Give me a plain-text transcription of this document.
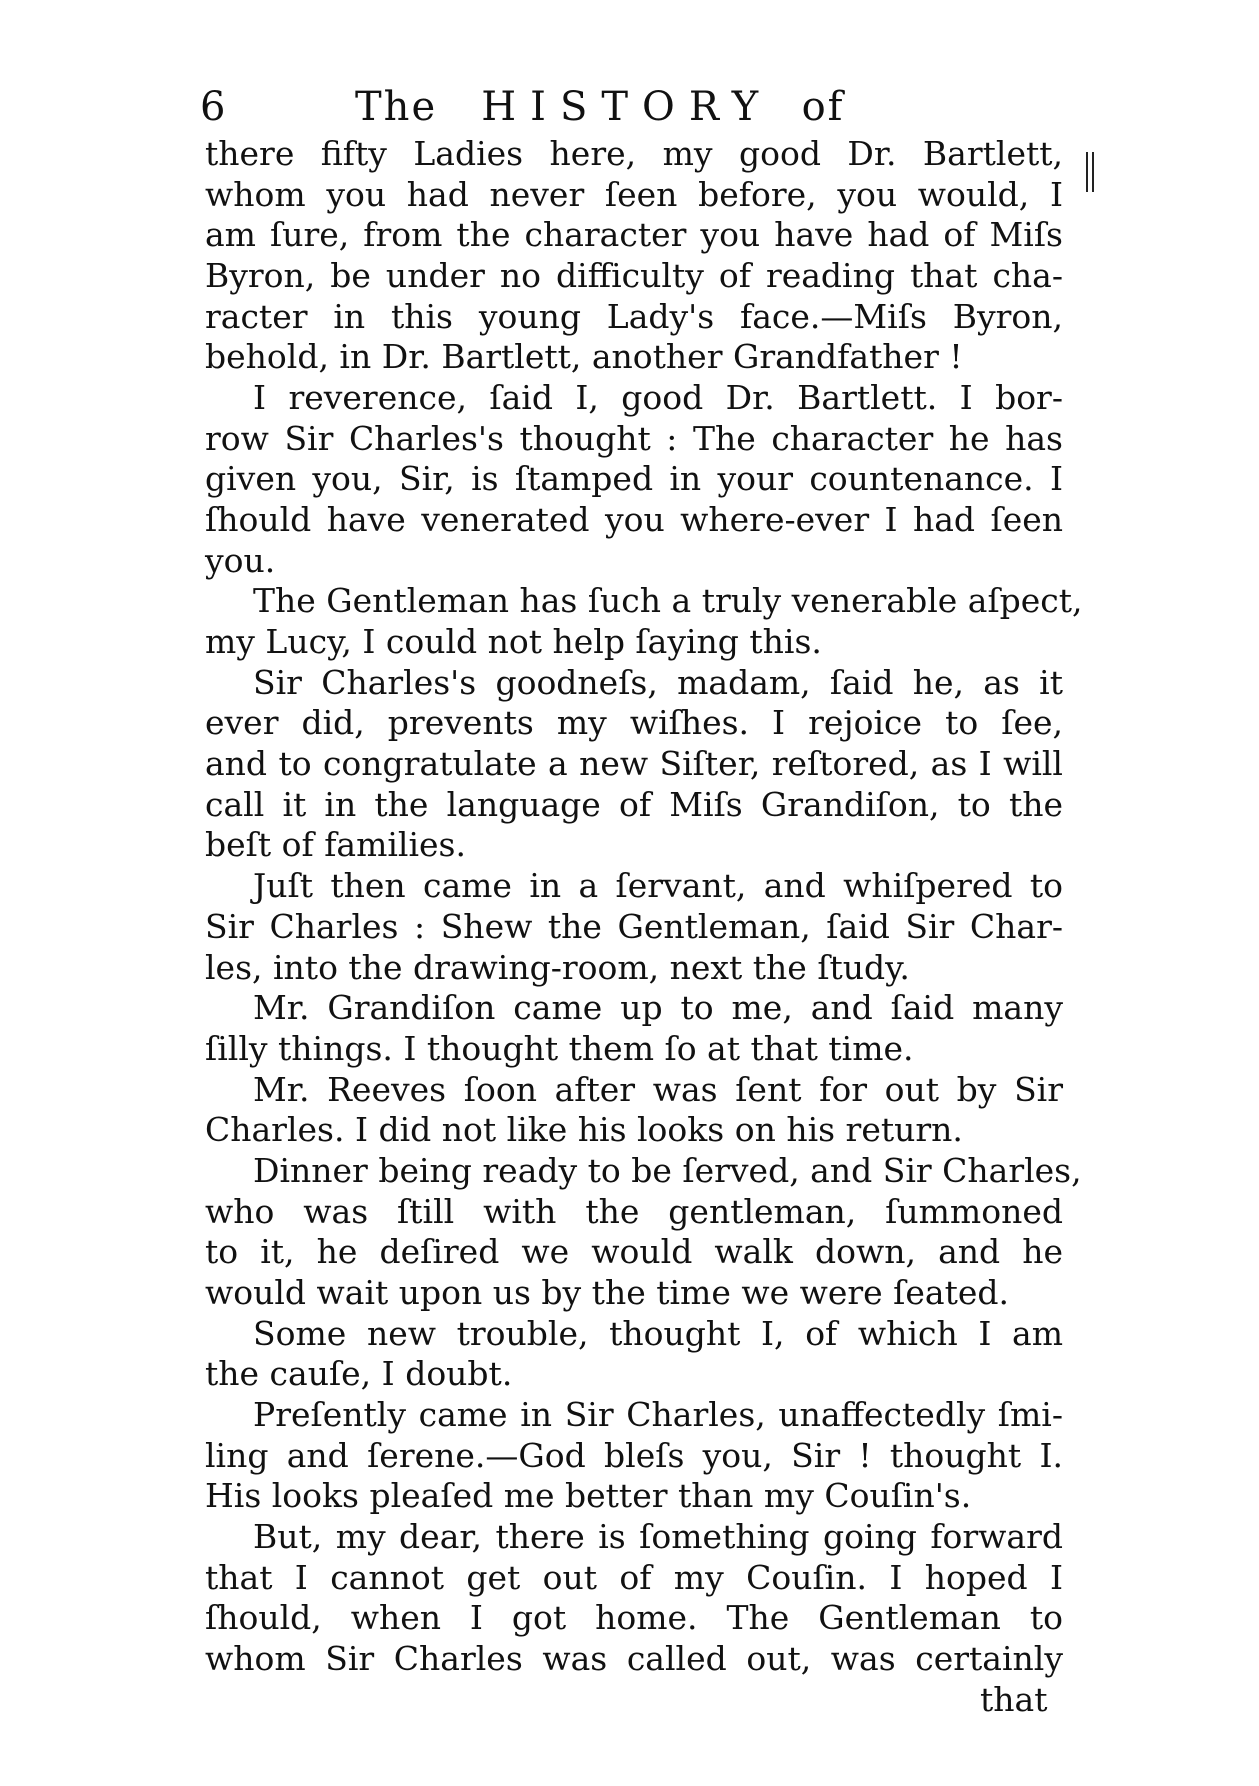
6	The HISTORY of
there fifty Ladies here, my good Dr. Bartlett,
whom you had never ſeen before, you would, I
am ſure, from the character you have had of Miſs
Byron, be under no difficulty of reading that cha-
racter in this young Lady's face.—Miſs Byron,
behold, in Dr. Bartlett, another Grandfather !
I reverence, ſaid I, good Dr. Bartlett. I bor-
row Sir Charles's thought : The character he has
given you, Sir, is ſtamped in your countenance. I
ſhould have venerated you where-ever I had ſeen
you.
The Gentleman has ſuch a truly venerable aſpect,
my Lucy, I could not help ſaying this.
Sir Charles's goodneſs, madam, ſaid he, as it
ever did, prevents my wiſhes. I rejoice to ſee,
and to congratulate a new Siſter, reſtored, as I will
call it in the language of Miſs Grandiſon, to the
beſt of families.
Juſt then came in a ſervant, and whiſpered to
Sir Charles : Shew the Gentleman, ſaid Sir Char-
les, into the drawing-room, next the ſtudy.
Mr. Grandiſon came up to me, and ſaid many
ſilly things. I thought them ſo at that time.
Mr. Reeves ſoon after was ſent for out by Sir
Charles. I did not like his looks on his return.
Dinner being ready to be ſerved, and Sir Charles,
who was ſtill with the gentleman, ſummoned
to it, he deſired we would walk down, and he
would wait upon us by the time we were ſeated.
Some new trouble, thought I, of which I am
the cauſe, I doubt.
Preſently came in Sir Charles, unaffectedly ſmi-
ling and ſerene.—God bleſs you, Sir ! thought I.
His looks pleaſed me better than my Couſin's.
But, my dear, there is ſomething going forward
that I cannot get out of my Couſin. I hoped I
ſhould, when I got home. The Gentleman to
whom Sir Charles was called out, was certainly
that
